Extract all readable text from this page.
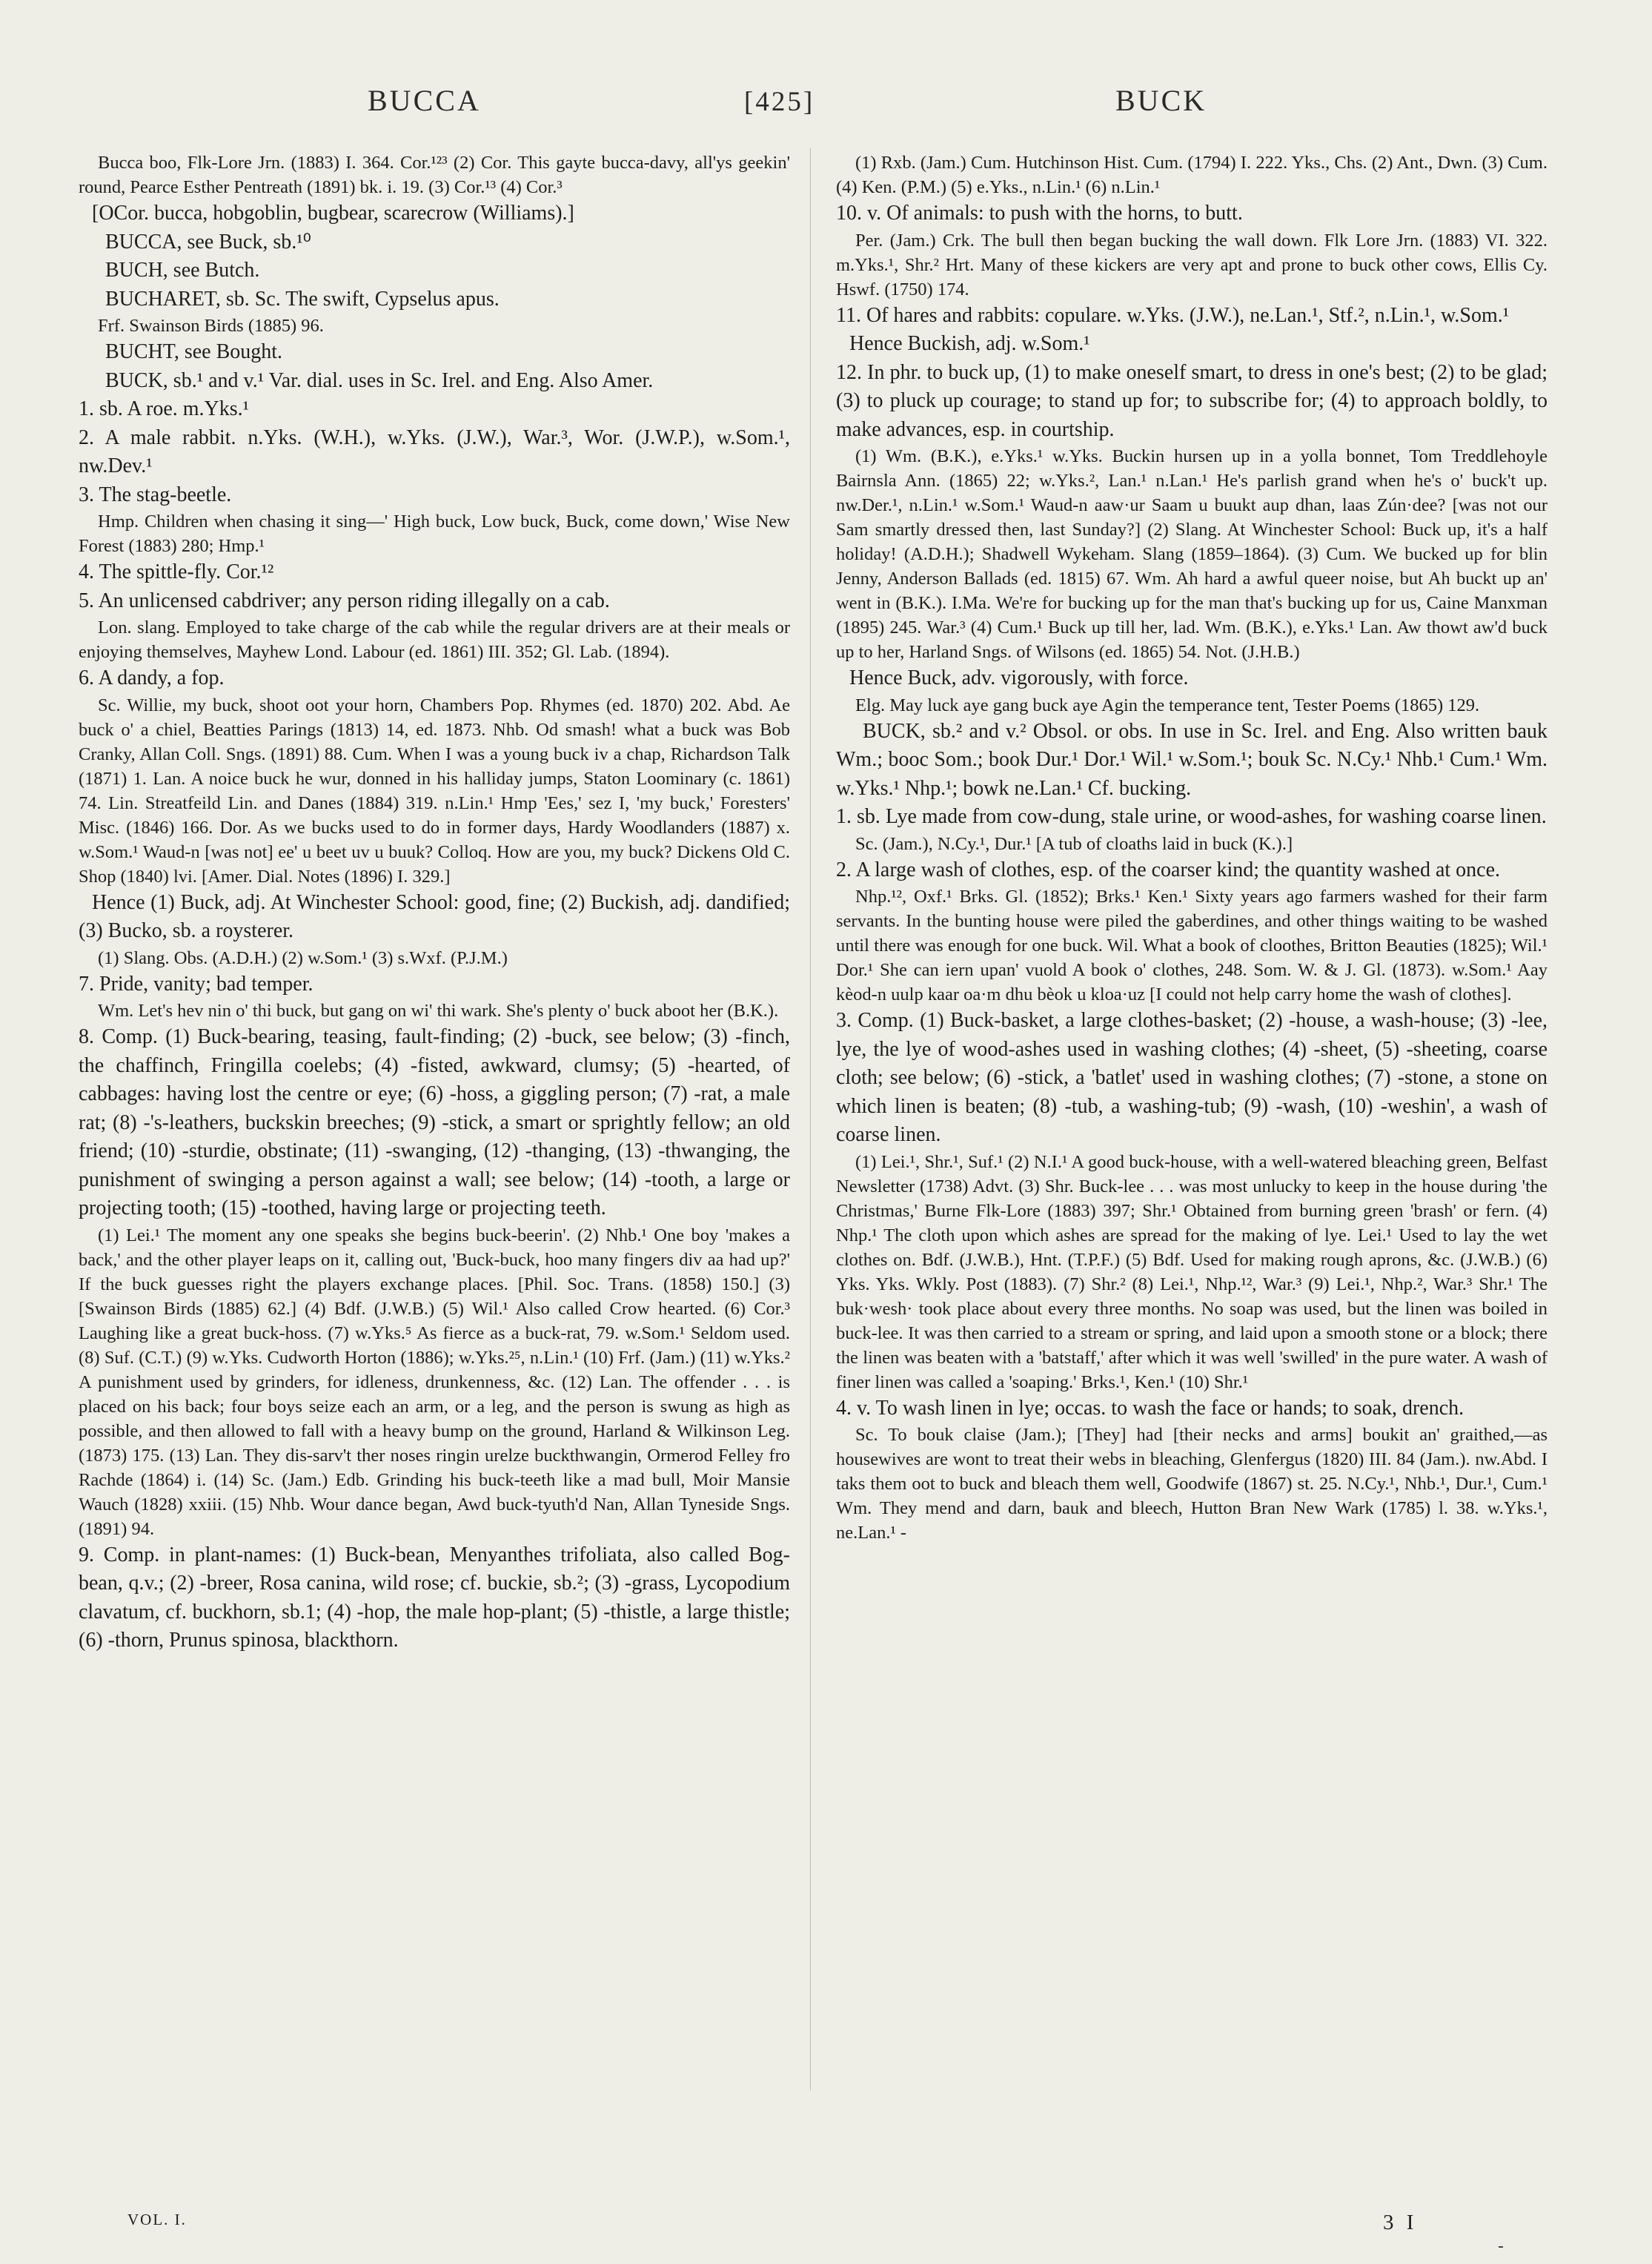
BUCCA	[425]	BUCK

Bucca boo, Flk-Lore Jrn. (1883) I. 364. Cor.¹²³ (2) Cor. This gayte bucca-davy, all'ys geekin' round, Pearce Esther Pentreath (1891) bk. i. 19. (3) Cor.¹³ (4) Cor.³

[OCor. bucca, hobgoblin, bugbear, scarecrow (Williams).]

BUCCA, see Buck, sb.¹⁰

BUCH, see Butch.

BUCHARET, sb. Sc. The swift, Cypselus apus.

Frf. Swainson Birds (1885) 96.

BUCHT, see Bought.

BUCK, sb.¹ and v.¹ Var. dial. uses in Sc. Irel. and Eng. Also Amer.

1. sb. A roe. m.Yks.¹

2. A male rabbit. n.Yks. (W.H.), w.Yks. (J.W.), War.³, Wor. (J.W.P.), w.Som.¹, nw.Dev.¹

3. The stag-beetle.

Hmp. Children when chasing it sing—' High buck, Low buck, Buck, come down,' Wise New Forest (1883) 280; Hmp.¹

4. The spittle-fly. Cor.¹²

5. An unlicensed cabdriver; any person riding illegally on a cab.

Lon. slang. Employed to take charge of the cab while the regular drivers are at their meals or enjoying themselves, Mayhew Lond. Labour (ed. 1861) III. 352; Gl. Lab. (1894).

6. A dandy, a fop.

Sc. Willie, my buck, shoot oot your horn, Chambers Pop. Rhymes (ed. 1870) 202. Abd. Ae buck o' a chiel, Beatties Parings (1813) 14, ed. 1873. Nhb. Od smash! what a buck was Bob Cranky, Allan Coll. Sngs. (1891) 88. Cum. When I was a young buck iv a chap, Richardson Talk (1871) 1. Lan. A noice buck he wur, donned in his halliday jumps, Staton Loominary (c. 1861) 74. Lin. Streatfeild Lin. and Danes (1884) 319. n.Lin.¹ Hmp 'Ees,' sez I, 'my buck,' Foresters' Misc. (1846) 166. Dor. As we bucks used to do in former days, Hardy Woodlanders (1887) x. w.Som.¹ Waud-n [was not] ee' u beet uv u buuk? Colloq. How are you, my buck? Dickens Old C. Shop (1840) lvi. [Amer. Dial. Notes (1896) I. 329.]

Hence (1) Buck, adj. At Winchester School: good, fine; (2) Buckish, adj. dandified; (3) Bucko, sb. a roysterer.

(1) Slang. Obs. (A.D.H.) (2) w.Som.¹ (3) s.Wxf. (P.J.M.)

7. Pride, vanity; bad temper.

Wm. Let's hev nin o' thi buck, but gang on wi' thi wark. She's plenty o' buck aboot her (B.K.).

8. Comp. (1) Buck-bearing, teasing, fault-finding; (2) -buck, see below; (3) -finch, the chaffinch, Fringilla coelebs; (4) -fisted, awkward, clumsy; (5) -hearted, of cabbages: having lost the centre or eye; (6) -hoss, a giggling person; (7) -rat, a male rat; (8) -'s-leathers, buckskin breeches; (9) -stick, a smart or sprightly fellow; an old friend; (10) -sturdie, obstinate; (11) -swanging, (12) -thanging, (13) -thwanging, the punishment of swinging a person against a wall; see below; (14) -tooth, a large or projecting tooth; (15) -toothed, having large or projecting teeth.

(1) Lei.¹ The moment any one speaks she begins buck-beerin'. (2) Nhb.¹ One boy 'makes a back,' and the other player leaps on it, calling out, 'Buck-buck, hoo many fingers div aa had up?' If the buck guesses right the players exchange places. [Phil. Soc. Trans. (1858) 150.] (3) [Swainson Birds (1885) 62.] (4) Bdf. (J.W.B.) (5) Wil.¹ Also called Crow hearted. (6) Cor.³ Laughing like a great buck-hoss. (7) w.Yks.⁵ As fierce as a buck-rat, 79. w.Som.¹ Seldom used. (8) Suf. (C.T.) (9) w.Yks. Cudworth Horton (1886); w.Yks.²⁵, n.Lin.¹ (10) Frf. (Jam.) (11) w.Yks.² A punishment used by grinders, for idleness, drunkenness, &c. (12) Lan. The offender . . . is placed on his back; four boys seize each an arm, or a leg, and the person is swung as high as possible, and then allowed to fall with a heavy bump on the ground, Harland & Wilkinson Leg. (1873) 175. (13) Lan. They dis-sarv't ther noses ringin urelze buckthwangin, Ormerod Felley fro Rachde (1864) i. (14) Sc. (Jam.) Edb. Grinding his buck-teeth like a mad bull, Moir Mansie Wauch (1828) xxiii. (15) Nhb. Wour dance began, Awd buck-tyuth'd Nan, Allan Tyneside Sngs. (1891) 94.

9. Comp. in plant-names: (1) Buck-bean, Menyanthes trifoliata, also called Bog-bean, q.v.; (2) -breer, Rosa canina, wild rose; cf. buckie, sb.²; (3) -grass, Lycopodium clavatum, cf. buckhorn, sb.1; (4) -hop, the male hop-plant; (5) -thistle, a large thistle; (6) -thorn, Prunus spinosa, blackthorn.

(1) Rxb. (Jam.) Cum. Hutchinson Hist. Cum. (1794) I. 222. Yks., Chs. (2) Ant., Dwn. (3) Cum. (4) Ken. (P.M.) (5) e.Yks., n.Lin.¹ (6) n.Lin.¹

10. v. Of animals: to push with the horns, to butt.

Per. (Jam.) Crk. The bull then began bucking the wall down. Flk Lore Jrn. (1883) VI. 322. m.Yks.¹, Shr.² Hrt. Many of these kickers are very apt and prone to buck other cows, Ellis Cy. Hswf. (1750) 174.

11. Of hares and rabbits: copulare. w.Yks. (J.W.), ne.Lan.¹, Stf.², n.Lin.¹, w.Som.¹

Hence Buckish, adj. w.Som.¹

12. In phr. to buck up, (1) to make oneself smart, to dress in one's best; (2) to be glad; (3) to pluck up courage; to stand up for; to subscribe for; (4) to approach boldly, to make advances, esp. in courtship.

(1) Wm. (B.K.), e.Yks.¹ w.Yks. Buckin hursen up in a yolla bonnet, Tom Treddlehoyle Bairnsla Ann. (1865) 22; w.Yks.², Lan.¹ n.Lan.¹ He's parlish grand when he's o' buck't up. nw.Der.¹, n.Lin.¹ w.Som.¹ Waud-n aaw·ur Saam u buukt aup dhan, laas Zún·dee? [was not our Sam smartly dressed then, last Sunday?] (2) Slang. At Winchester School: Buck up, it's a half holiday! (A.D.H.); Shadwell Wykeham. Slang (1859–1864). (3) Cum. We bucked up for blin Jenny, Anderson Ballads (ed. 1815) 67. Wm. Ah hard a awful queer noise, but Ah buckt up an' went in (B.K.). I.Ma. We're for bucking up for the man that's bucking up for us, Caine Manxman (1895) 245. War.³ (4) Cum.¹ Buck up till her, lad. Wm. (B.K.), e.Yks.¹ Lan. Aw thowt aw'd buck up to her, Harland Sngs. of Wilsons (ed. 1865) 54. Not. (J.H.B.)

Hence Buck, adv. vigorously, with force.

Elg. May luck aye gang buck aye Agin the temperance tent, Tester Poems (1865) 129.

BUCK, sb.² and v.² Obsol. or obs. In use in Sc. Irel. and Eng. Also written bauk Wm.; booc Som.; book Dur.¹ Dor.¹ Wil.¹ w.Som.¹; bouk Sc. N.Cy.¹ Nhb.¹ Cum.¹ Wm. w.Yks.¹ Nhp.¹; bowk ne.Lan.¹ Cf. bucking.

1. sb. Lye made from cow-dung, stale urine, or wood-ashes, for washing coarse linen.

Sc. (Jam.), N.Cy.¹, Dur.¹ [A tub of cloaths laid in buck (K.).]

2. A large wash of clothes, esp. of the coarser kind; the quantity washed at once.

Nhp.¹², Oxf.¹ Brks. Gl. (1852); Brks.¹ Ken.¹ Sixty years ago farmers washed for their farm servants. In the bunting house were piled the gaberdines, and other things waiting to be washed until there was enough for one buck. Wil. What a book of cloothes, Britton Beauties (1825); Wil.¹ Dor.¹ She can iern upan' vuold A book o' clothes, 248. Som. W. & J. Gl. (1873). w.Som.¹ Aay kèod-n uulp kaar oa·m dhu bèok u kloa·uz [I could not help carry home the wash of clothes].

3. Comp. (1) Buck-basket, a large clothes-basket; (2) -house, a wash-house; (3) -lee, lye, the lye of wood-ashes used in washing clothes; (4) -sheet, (5) -sheeting, coarse cloth; see below; (6) -stick, a 'batlet' used in washing clothes; (7) -stone, a stone on which linen is beaten; (8) -tub, a washing-tub; (9) -wash, (10) -weshin', a wash of coarse linen.

(1) Lei.¹, Shr.¹, Suf.¹ (2) N.I.¹ A good buck-house, with a well-watered bleaching green, Belfast Newsletter (1738) Advt. (3) Shr. Buck-lee . . . was most unlucky to keep in the house during 'the Christmas,' Burne Flk-Lore (1883) 397; Shr.¹ Obtained from burning green 'brash' or fern. (4) Nhp.¹ The cloth upon which ashes are spread for the making of lye. Lei.¹ Used to lay the wet clothes on. Bdf. (J.W.B.), Hnt. (T.P.F.) (5) Bdf. Used for making rough aprons, &c. (J.W.B.) (6) Yks. Yks. Wkly. Post (1883). (7) Shr.² (8) Lei.¹, Nhp.¹², War.³ (9) Lei.¹, Nhp.², War.³ Shr.¹ The buk·wesh· took place about every three months. No soap was used, but the linen was boiled in buck-lee. It was then carried to a stream or spring, and laid upon a smooth stone or a block; there the linen was beaten with a 'batstaff,' after which it was well 'swilled' in the pure water. A wash of finer linen was called a 'soaping.' Brks.¹, Ken.¹ (10) Shr.¹

4. v. To wash linen in lye; occas. to wash the face or hands; to soak, drench.

Sc. To bouk claise (Jam.); [They] had [their necks and arms] boukit an' graithed,—as housewives are wont to treat their webs in bleaching, Glenfergus (1820) III. 84 (Jam.). nw.Abd. I taks them oot to buck and bleach them well, Goodwife (1867) st. 25. N.Cy.¹, Nhb.¹, Dur.¹, Cum.¹ Wm. They mend and darn, bauk and bleech, Hutton Bran New Wark (1785) l. 38. w.Yks.¹, ne.Lan.¹ -

VOL. I.	3 I
